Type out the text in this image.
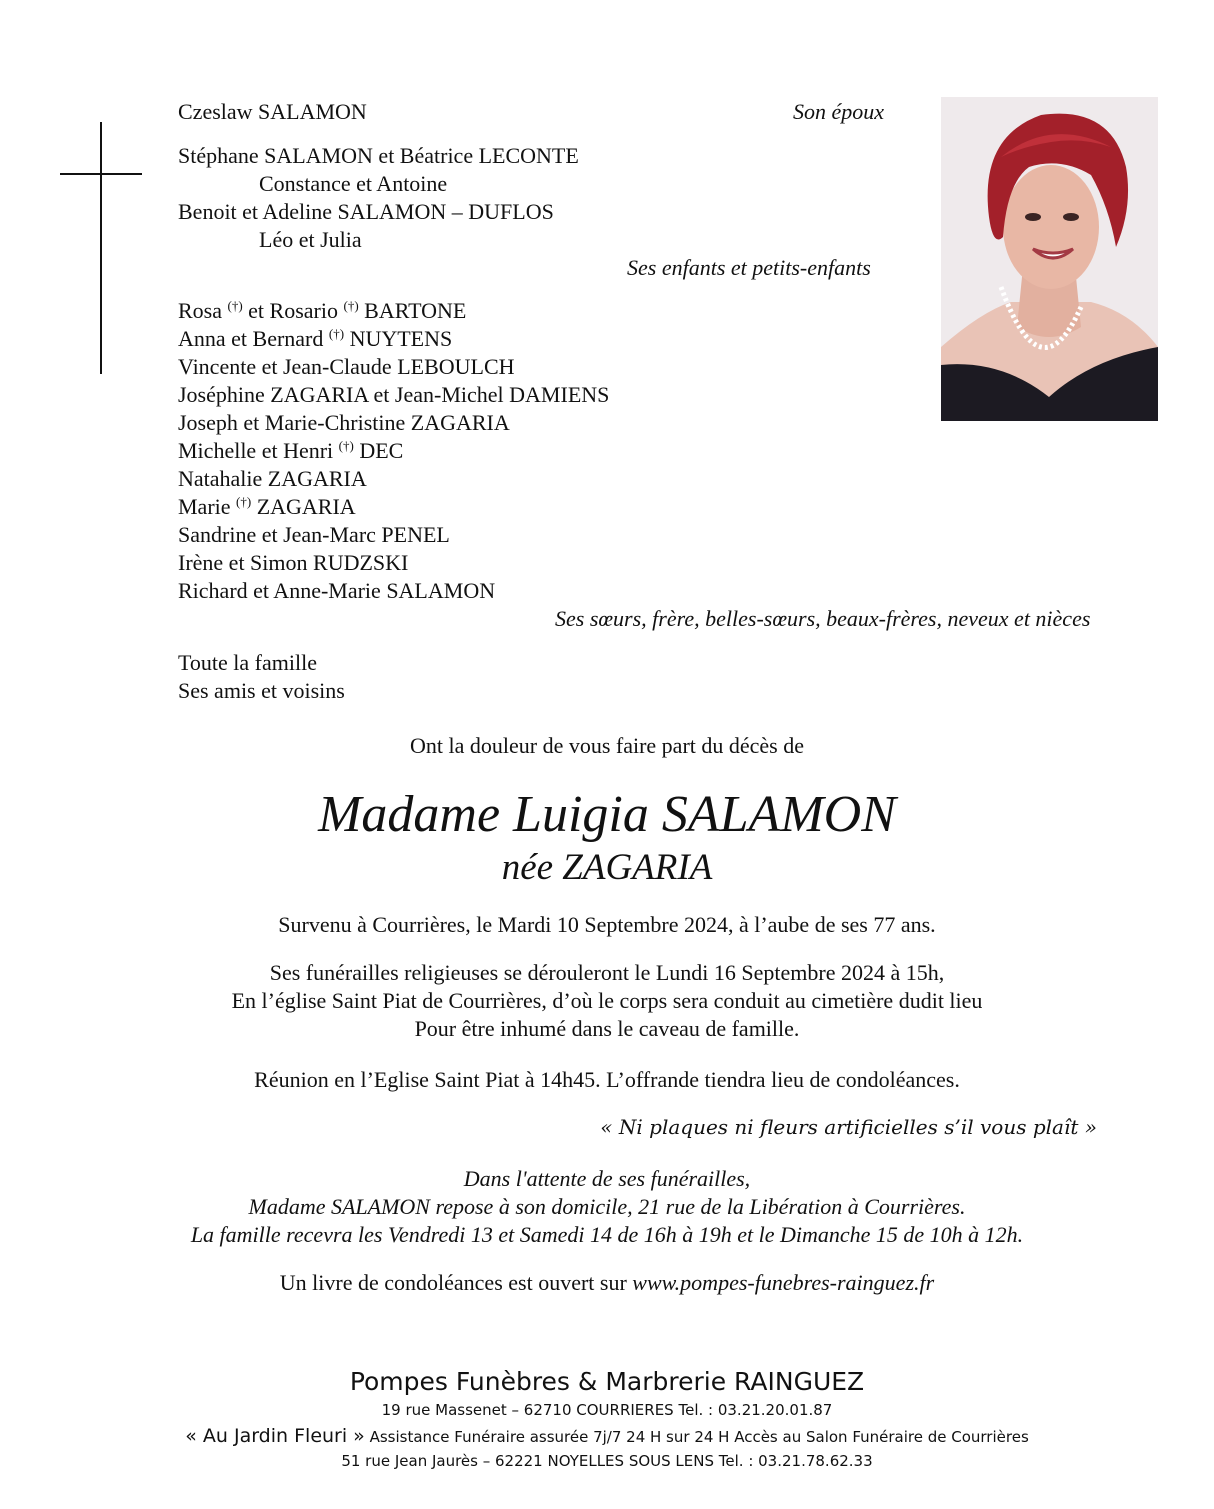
Czeslaw SALAMON	Son époux
Stéphane SALAMON et Béatrice LECONTE
Constance et Antoine
Benoit et Adeline SALAMON – DUFLOS
Léo et Julia
Ses enfants et petits-enfants
Rosa (†) et Rosario (†) BARTONE
Anna et Bernard (†) NUYTENS
Vincente et Jean-Claude LEBOULCH
Joséphine ZAGARIA et Jean-Michel DAMIENS
Joseph et Marie-Christine ZAGARIA
Michelle et Henri (†) DEC
Natahalie ZAGARIA
Marie (†) ZAGARIA
Sandrine et Jean-Marc PENEL
Irène et Simon RUDZSKI
Richard et Anne-Marie SALAMON
Ses sœurs, frère, belles-sœurs, beaux-frères, neveux et nièces
Toute la famille
Ses amis et voisins
Ont la douleur de vous faire part du décès de
Madame Luigia SALAMON
née ZAGARIA
Survenu à Courrières, le Mardi 10 Septembre 2024, à l’aube de ses 77 ans.
Ses funérailles religieuses se dérouleront le Lundi 16 Septembre 2024 à 15h,
En l’église Saint Piat de Courrières, d’où le corps sera conduit au cimetière dudit lieu
Pour être inhumé dans le caveau de famille.
Réunion en l’Eglise Saint Piat à 14h45. L’offrande tiendra lieu de condoléances.
« Ni plaques ni fleurs artificielles s’il vous plaît »
Dans l'attente de ses funérailles,
Madame SALAMON repose à son domicile, 21 rue de la Libération à Courrières.
La famille recevra les Vendredi 13 et Samedi 14 de 16h à 19h et le Dimanche 15 de 10h à 12h.
Un livre de condoléances est ouvert sur www.pompes-funebres-rainguez.fr
Pompes Funèbres & Marbrerie RAINGUEZ
19 rue Massenet – 62710 COURRIERES Tel. : 03.21.20.01.87
« Au Jardin Fleuri » Assistance Funéraire assurée 7j/7 24 H sur 24 H Accès au Salon Funéraire de Courrières
51 rue Jean Jaurès – 62221 NOYELLES SOUS LENS Tel. : 03.21.78.62.33
